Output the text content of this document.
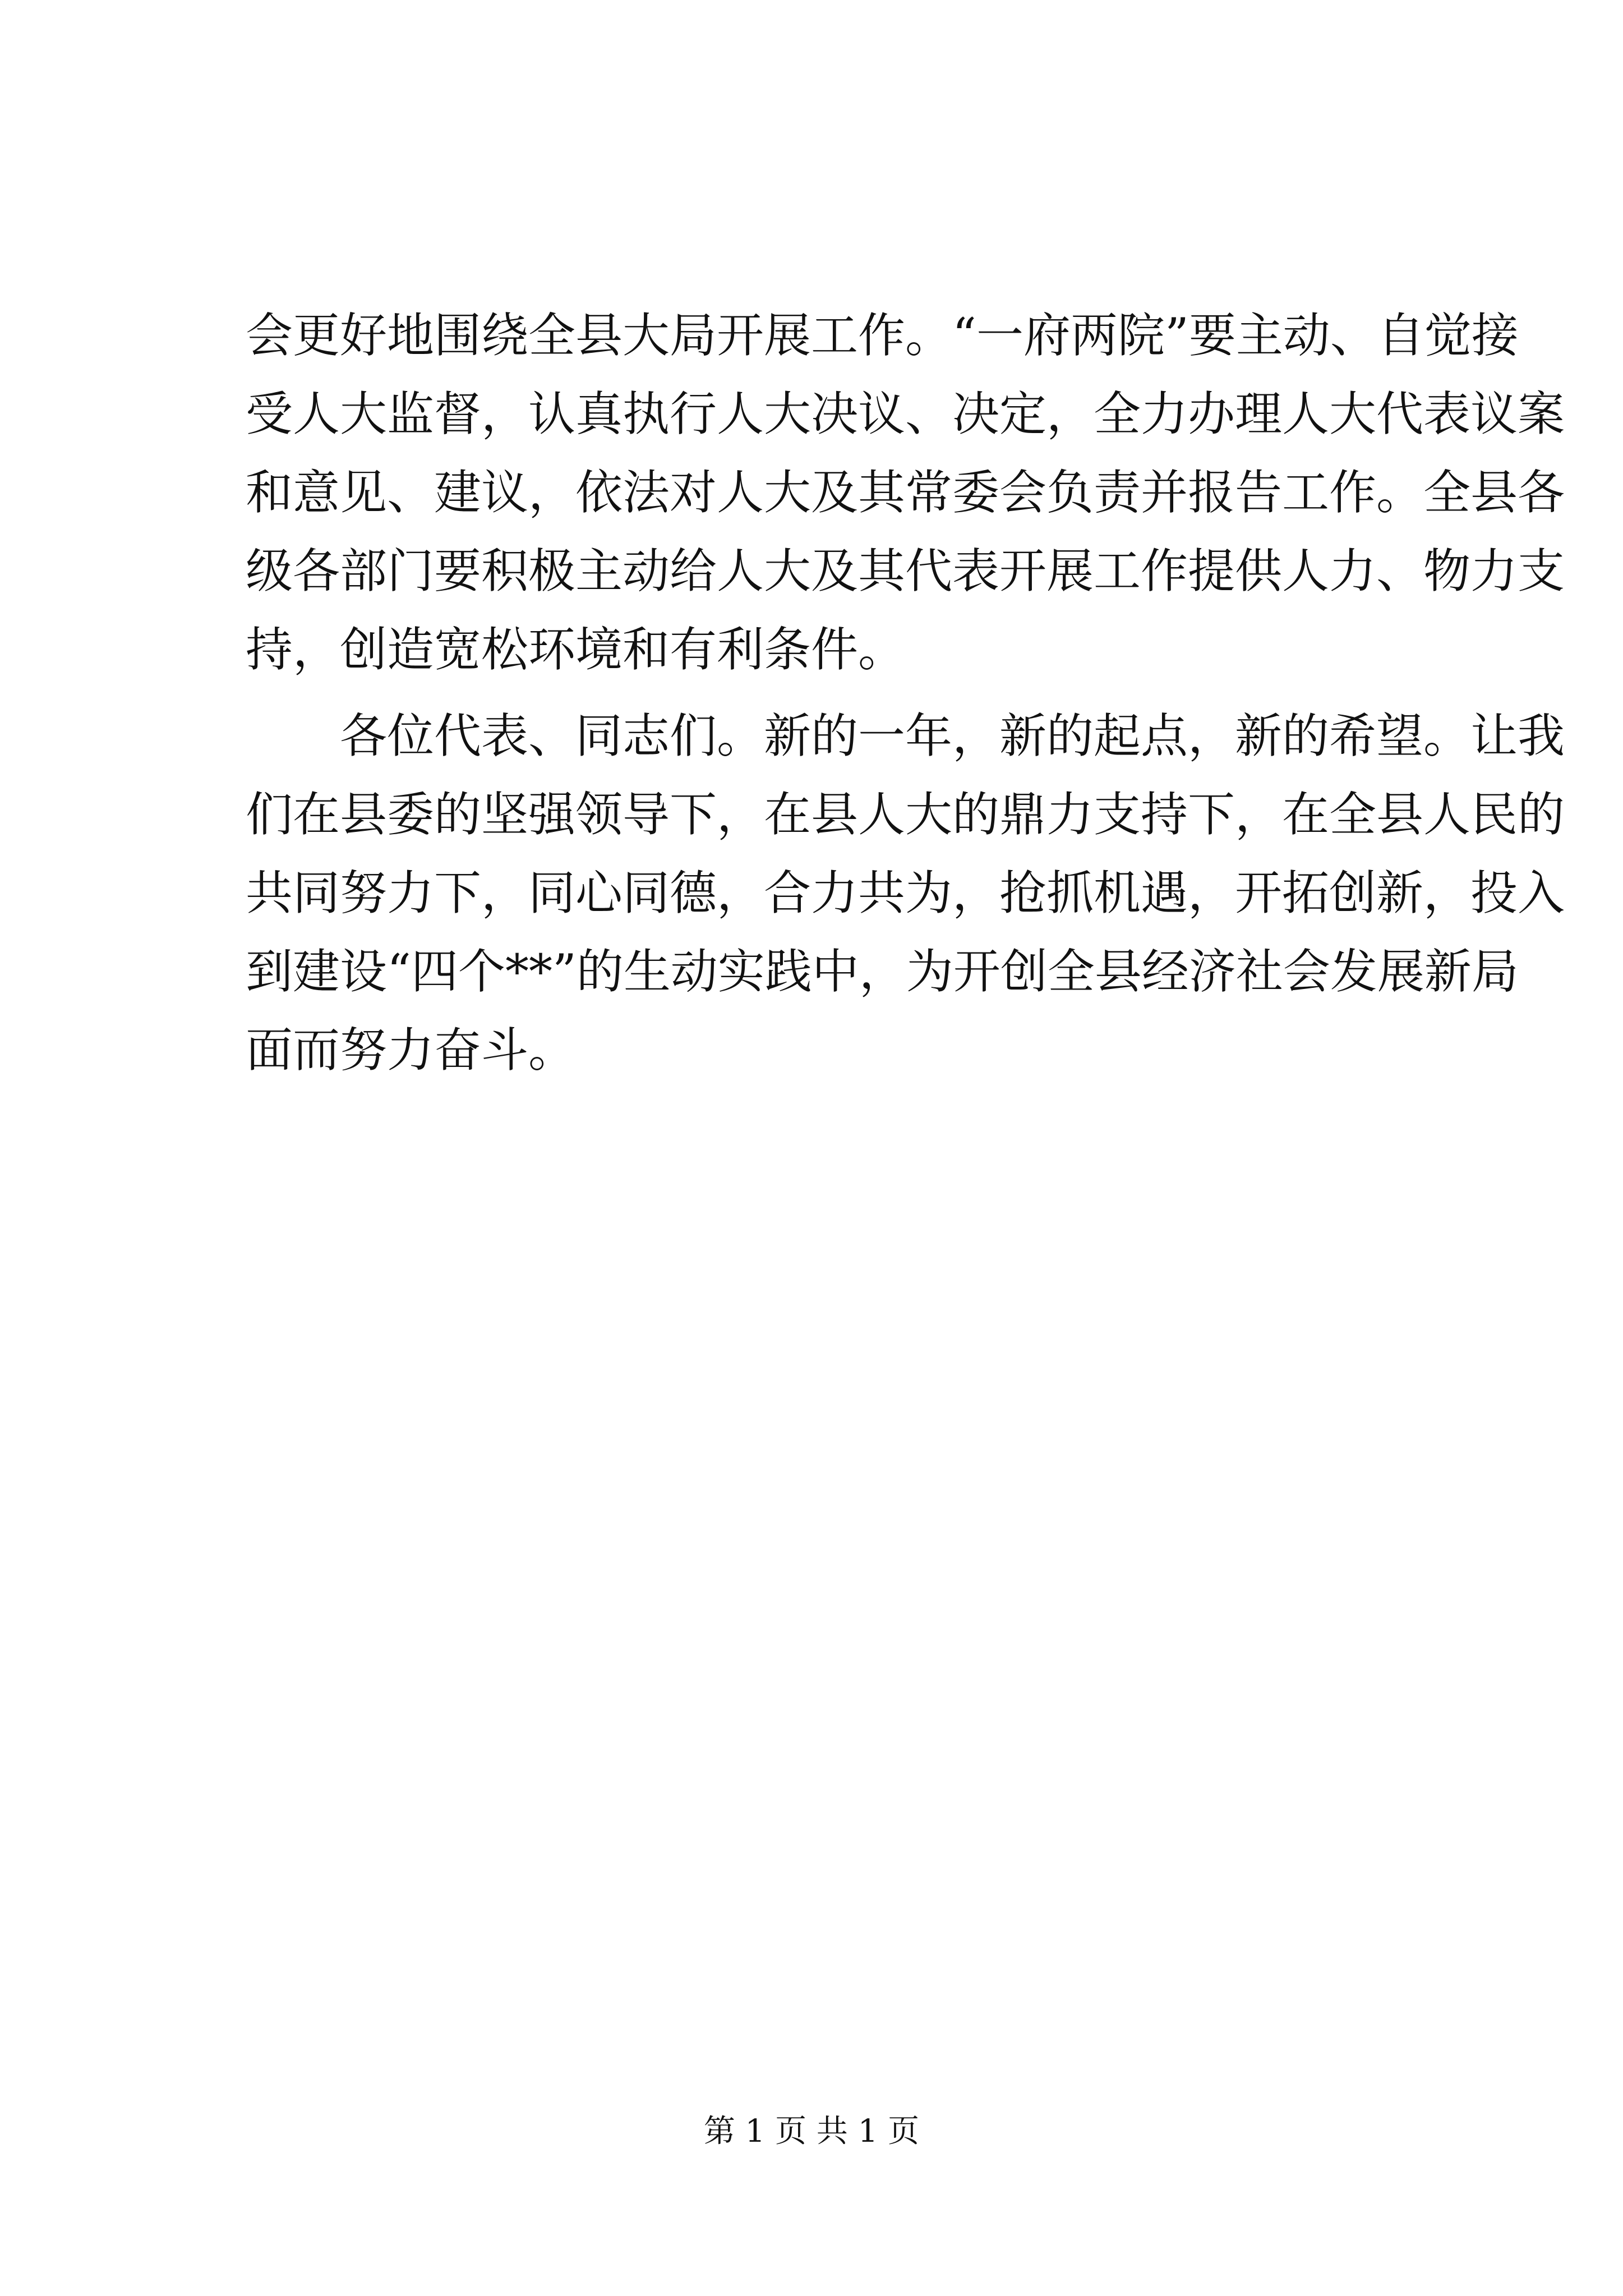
会更好地围绕全县大局开展工作。“一府两院”要主动、自觉接
受人大监督，认真执行人大决议、决定，全力办理人大代表议案
和意见、建议，依法对人大及其常委会负责并报告工作。全县各
级各部门要积极主动给人大及其代表开展工作提供人力、物力支
持，创造宽松环境和有利条件。
　　各位代表、同志们。新的一年，新的起点，新的希望。让我
们在县委的坚强领导下，在县人大的鼎力支持下，在全县人民的
共同努力下，同心同德，合力共为，抢抓机遇，开拓创新，投入
到建设“四个**”的生动实践中，为开创全县经济社会发展新局
面而努力奋斗。
第 1 页 共 1 页
